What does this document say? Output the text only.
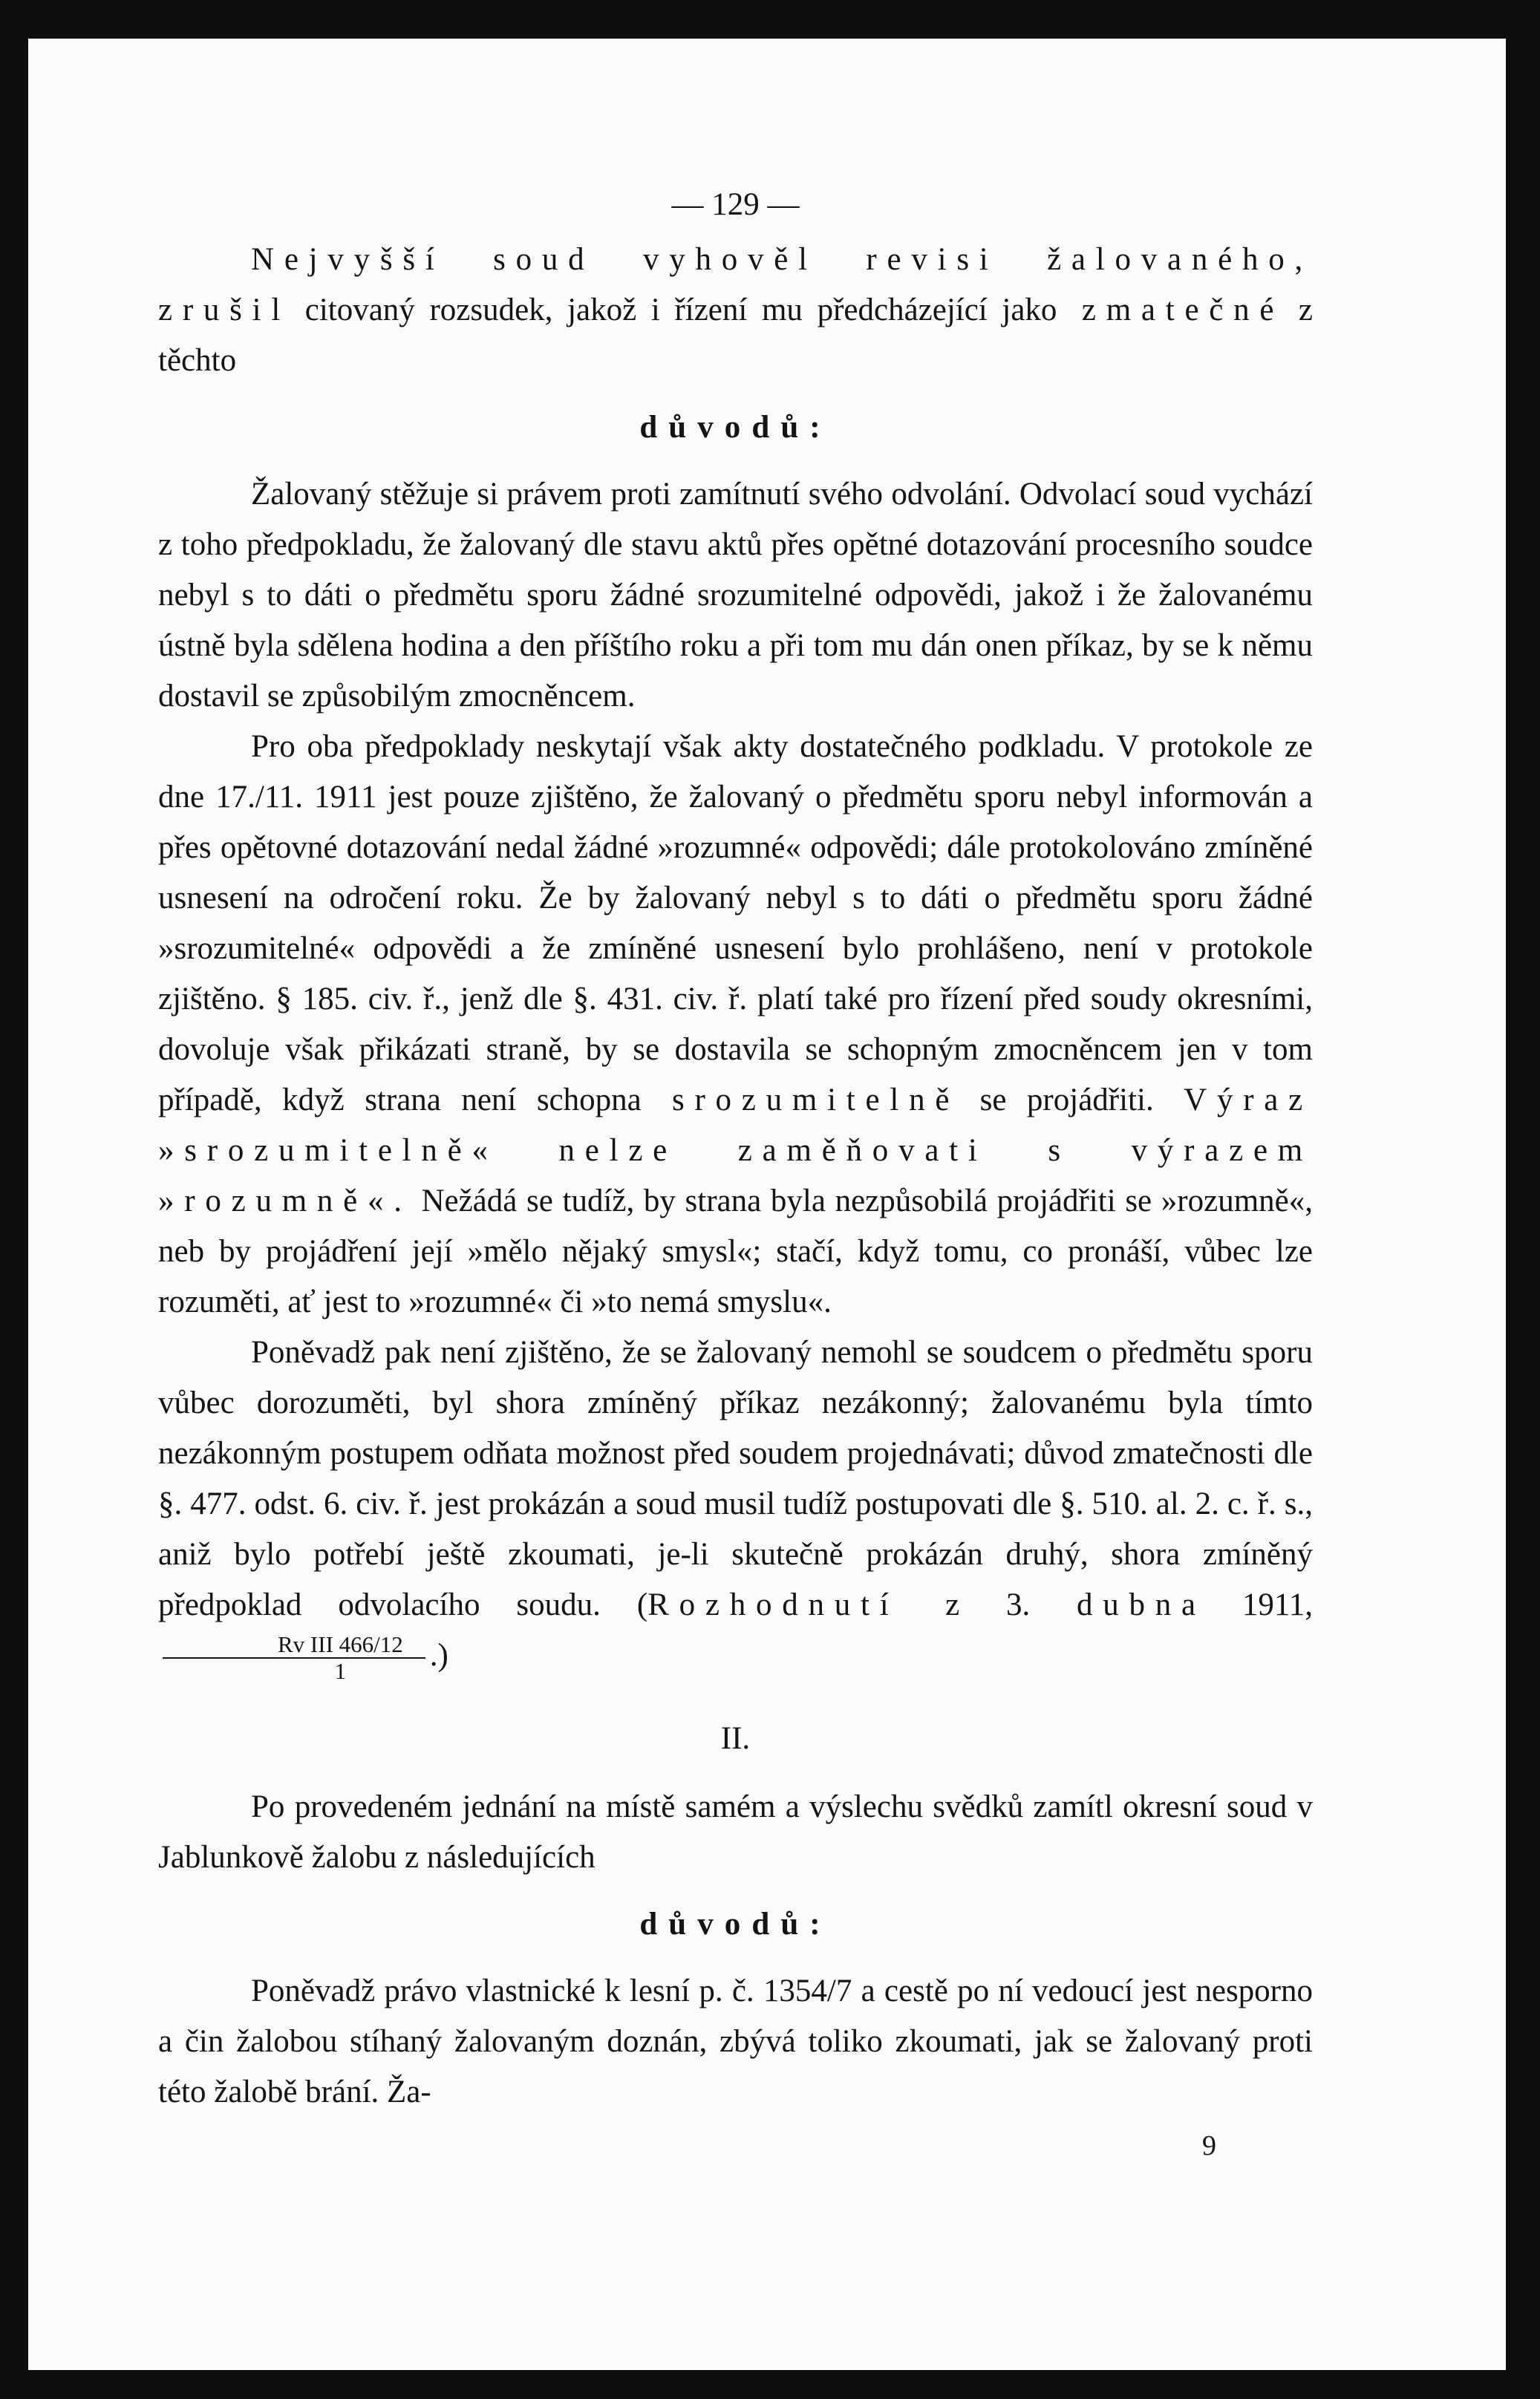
— 129 —

Nejvyšší soud vyhověl revisi žalovaného, zrušil citovaný rozsudek, jakož i řízení mu předcházející jako zmatečné z těchto

důvodů:

Žalovaný stěžuje si právem proti zamítnutí svého odvolání. Odvolací soud vychází z toho předpokladu, že žalovaný dle stavu aktů přes opětné dotazování procesního soudce nebyl s to dáti o předmětu sporu žádné srozumitelné odpovědi, jakož i že žalovanému ústně byla sdělena hodina a den příštího roku a při tom mu dán onen příkaz, by se k němu dostavil se způsobilým zmocněncem.

Pro oba předpoklady neskytají však akty dostatečného podkladu. V protokole ze dne 17./11. 1911 jest pouze zjištěno, že žalovaný o předmětu sporu nebyl informován a přes opětovné dotazování nedal žádné »rozumné« odpovědi; dále protokolováno zmíněné usnesení na odročení roku. Že by žalovaný nebyl s to dáti o předmětu sporu žádné »srozumitelné« odpovědi a že zmíněné usnesení bylo prohlášeno, není v protokole zjištěno. § 185. civ. ř., jenž dle §. 431. civ. ř. platí také pro řízení před soudy okresními, dovoluje však přikázati straně, by se dostavila se schopným zmocněncem jen v tom případě, když strana není schopna srozumitelně se projádřiti. Výraz »srozumitelně« nelze zaměňovati s výrazem »rozumně«. Nežádá se tudíž, by strana byla nezpůsobilá projádřiti se »rozumně«, neb by projádření její »mělo nějaký smysl«; stačí, když tomu, co pronáší, vůbec lze rozuměti, ať jest to »rozumné« či »to nemá smyslu«.

Poněvadž pak není zjištěno, že se žalovaný nemohl se soudcem o předmětu sporu vůbec dorozuměti, byl shora zmíněný příkaz nezákonný; žalovanému byla tímto nezákonným postupem odňata možnost před soudem projednávati; důvod zmatečnosti dle §. 477. odst. 6. civ. ř. jest prokázán a soud musil tudíž postupovati dle §. 510. al. 2. c. ř. s., aniž bylo potřebí ještě zkoumati, je-li skutečně prokázán druhý, shora zmíněný předpoklad odvolacího soudu. (Rozhodnutí z 3. dubna 1911,
$\frac{\text{Rv III 466/12}}{1}$ .)

II.

Po provedeném jednání na místě samém a výslechu svědků zamítl okresní soud v Jablunkově žalobu z následujících

důvodů:

Poněvadž právo vlastnické k lesní p. č. 1354/7 a cestě po ní vedoucí jest nesporno a čin žalobou stíhaný žalovaným doznán, zbývá toliko zkoumati, jak se žalovaný proti této žalobě brání. Ža-

9
